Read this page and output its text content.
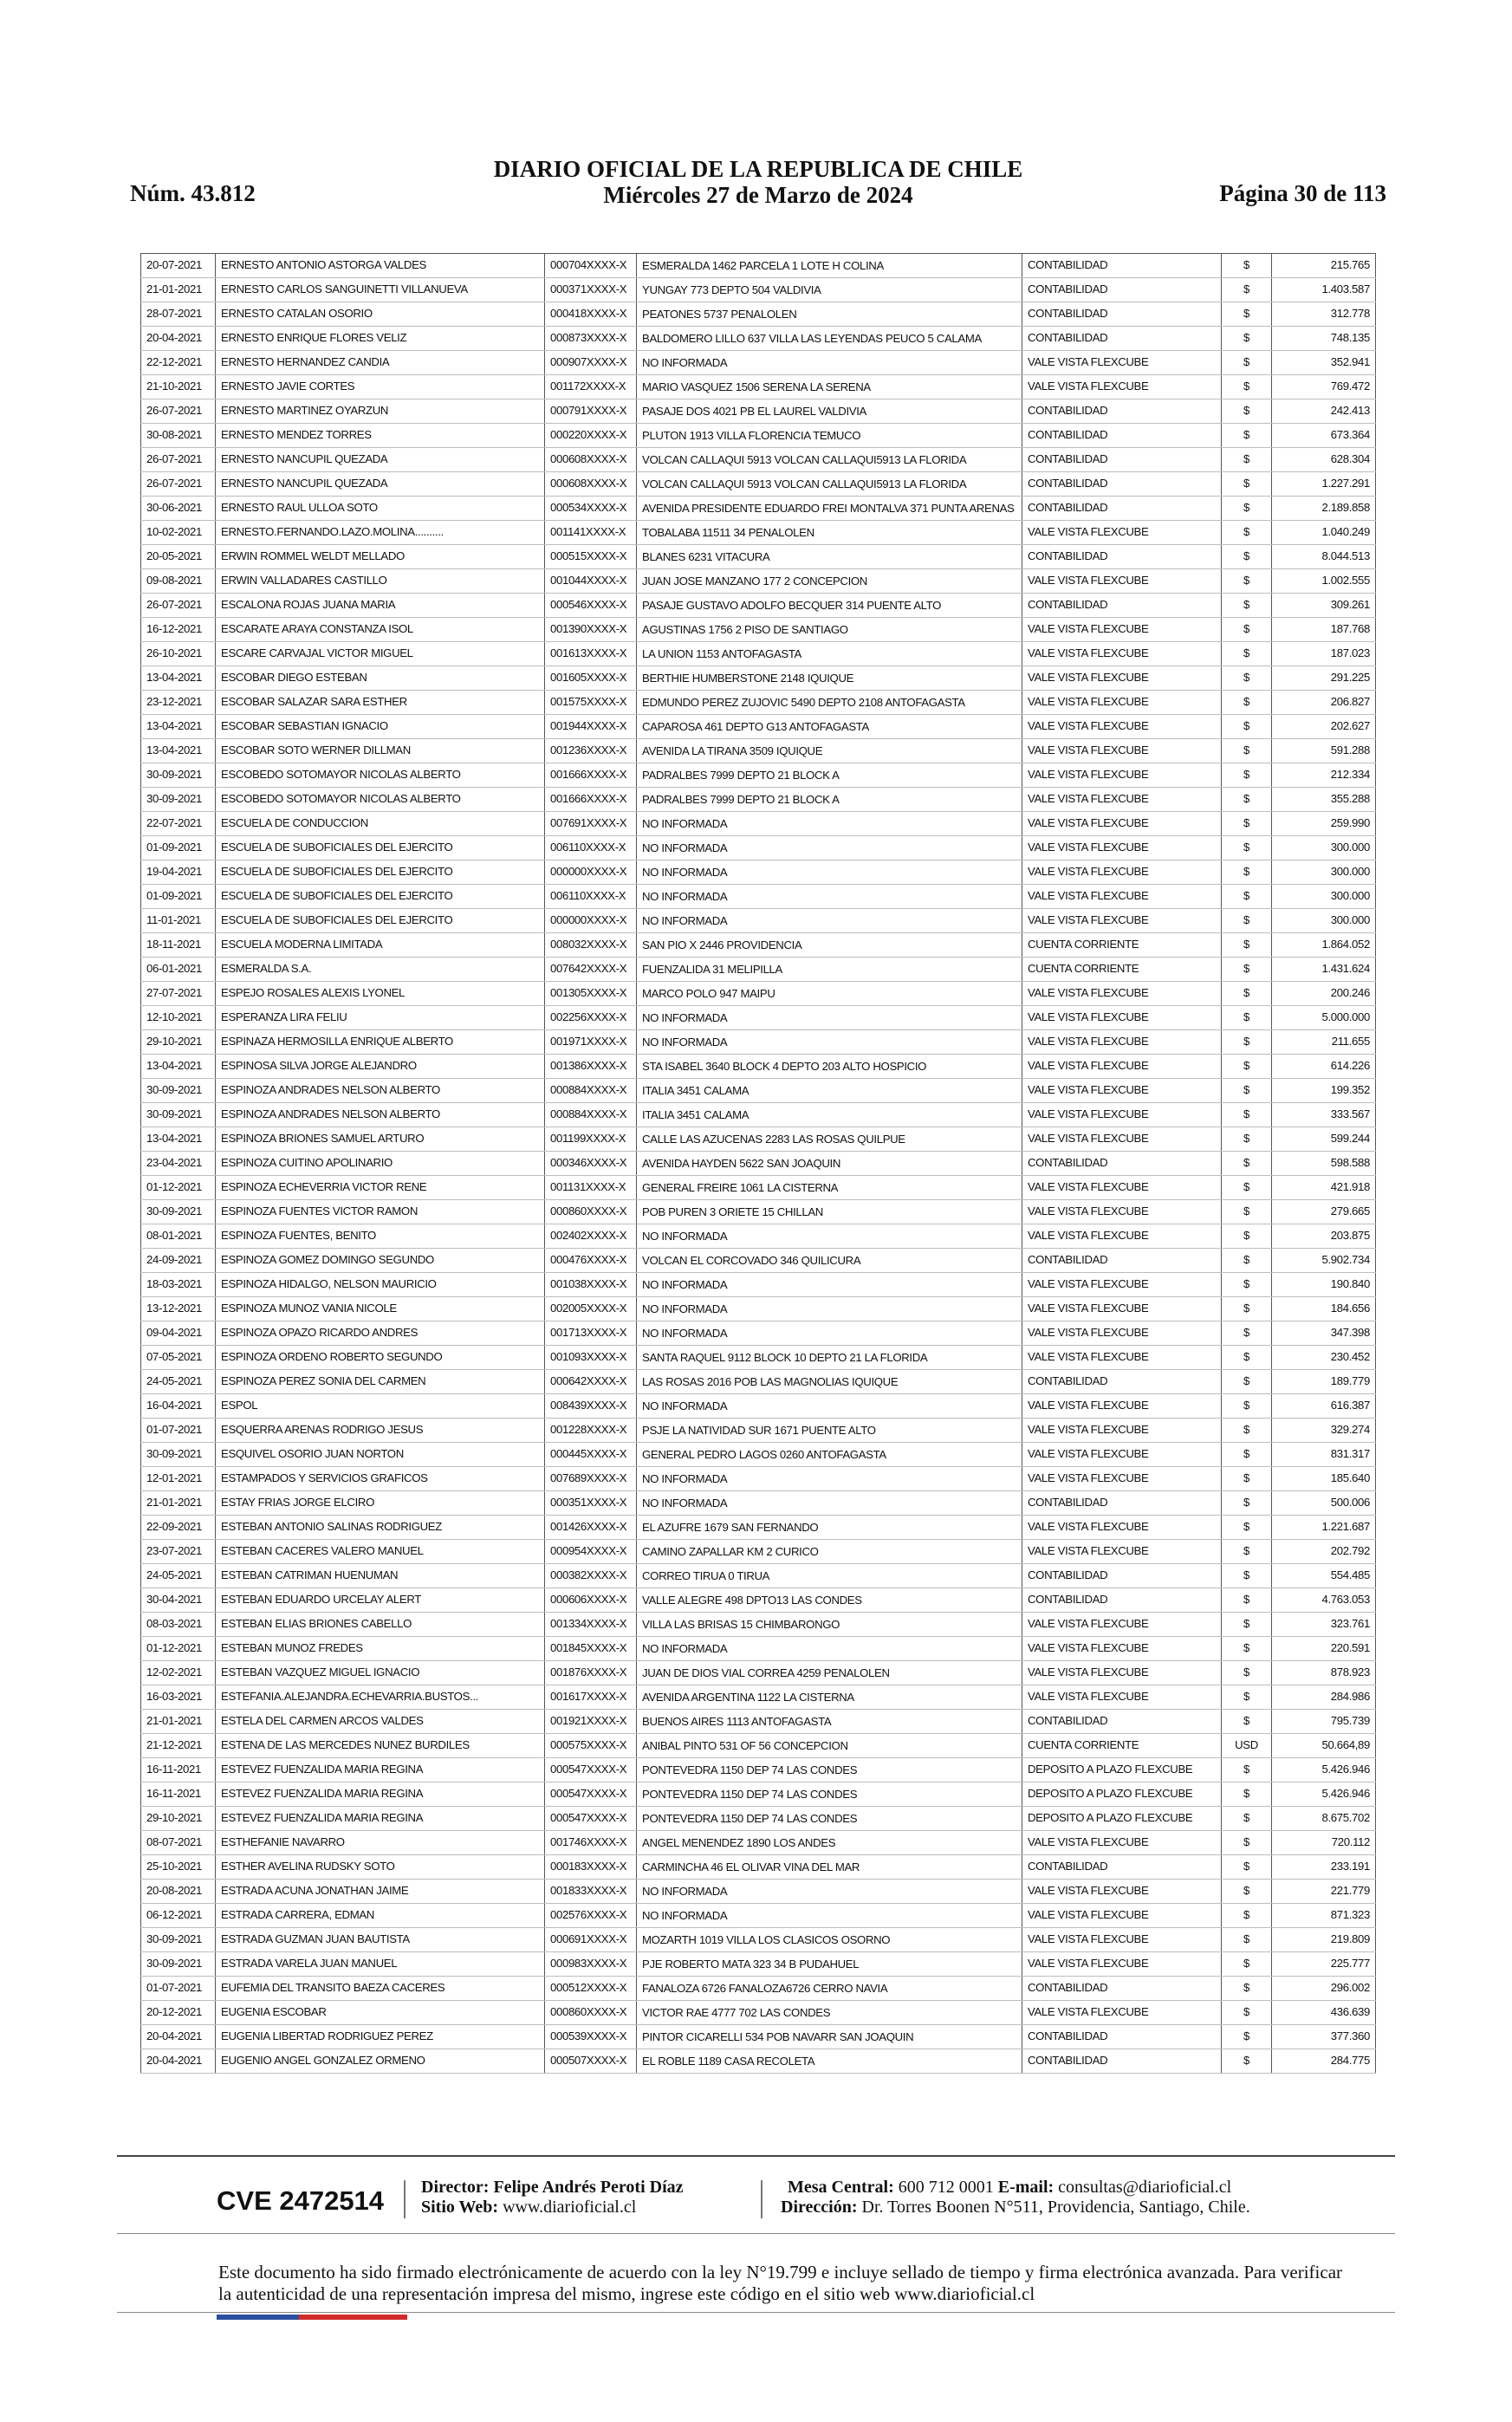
Núm. 43.812
DIARIO OFICIAL DE LA REPUBLICA DE CHILE
Miércoles 27 de Marzo de 2024	Página 30 de 113
20-07-2021	ERNESTO ANTONIO ASTORGA VALDES	000704XXXX-X	ESMERALDA 1462 PARCELA 1 LOTE H COLINA	CONTABILIDAD	$	215.765
21-01-2021	ERNESTO CARLOS SANGUINETTI VILLANUEVA	000371XXXX-X	YUNGAY 773 DEPTO 504 VALDIVIA	CONTABILIDAD	$	1.403.587
28-07-2021	ERNESTO CATALAN OSORIO	000418XXXX-X	PEATONES 5737 PENALOLEN	CONTABILIDAD	$	312.778
20-04-2021	ERNESTO ENRIQUE FLORES VELIZ	000873XXXX-X	BALDOMERO LILLO 637 VILLA LAS LEYENDAS PEUCO 5 CALAMA	CONTABILIDAD	$	748.135
22-12-2021	ERNESTO HERNANDEZ CANDIA	000907XXXX-X	NO INFORMADA	VALE VISTA FLEXCUBE	$	352.941
21-10-2021	ERNESTO JAVIE CORTES	001172XXXX-X	MARIO VASQUEZ 1506 SERENA LA SERENA	VALE VISTA FLEXCUBE	$	769.472
26-07-2021	ERNESTO MARTINEZ OYARZUN	000791XXXX-X	PASAJE DOS 4021 PB EL LAUREL VALDIVIA	CONTABILIDAD	$	242.413
30-08-2021	ERNESTO MENDEZ TORRES	000220XXXX-X	PLUTON 1913 VILLA FLORENCIA TEMUCO	CONTABILIDAD	$	673.364
26-07-2021	ERNESTO NANCUPIL QUEZADA	000608XXXX-X	VOLCAN CALLAQUI 5913 VOLCAN CALLAQUI5913 LA FLORIDA	CONTABILIDAD	$	628.304
26-07-2021	ERNESTO NANCUPIL QUEZADA	000608XXXX-X	VOLCAN CALLAQUI 5913 VOLCAN CALLAQUI5913 LA FLORIDA	CONTABILIDAD	$	1.227.291
30-06-2021	ERNESTO RAUL ULLOA SOTO	000534XXXX-X	AVENIDA PRESIDENTE EDUARDO FREI MONTALVA 371 PUNTA ARENAS	CONTABILIDAD	$	2.189.858
10-02-2021	ERNESTO.FERNANDO.LAZO.MOLINA..........	001141XXXX-X	TOBALABA 11511 34 PENALOLEN	VALE VISTA FLEXCUBE	$	1.040.249
20-05-2021	ERWIN ROMMEL WELDT MELLADO	000515XXXX-X	BLANES 6231 VITACURA	CONTABILIDAD	$	8.044.513
09-08-2021	ERWIN VALLADARES CASTILLO	001044XXXX-X	JUAN JOSE MANZANO 177 2 CONCEPCION	VALE VISTA FLEXCUBE	$	1.002.555
26-07-2021	ESCALONA ROJAS JUANA MARIA	000546XXXX-X	PASAJE GUSTAVO ADOLFO BECQUER 314 PUENTE ALTO	CONTABILIDAD	$	309.261
16-12-2021	ESCARATE ARAYA CONSTANZA ISOL	001390XXXX-X	AGUSTINAS 1756 2 PISO DE SANTIAGO	VALE VISTA FLEXCUBE	$	187.768
26-10-2021	ESCARE CARVAJAL VICTOR MIGUEL	001613XXXX-X	LA UNION 1153 ANTOFAGASTA	VALE VISTA FLEXCUBE	$	187.023
13-04-2021	ESCOBAR DIEGO ESTEBAN	001605XXXX-X	BERTHIE HUMBERSTONE 2148 IQUIQUE	VALE VISTA FLEXCUBE	$	291.225
23-12-2021	ESCOBAR SALAZAR SARA ESTHER	001575XXXX-X	EDMUNDO PEREZ ZUJOVIC 5490 DEPTO 2108 ANTOFAGASTA	VALE VISTA FLEXCUBE	$	206.827
13-04-2021	ESCOBAR SEBASTIAN IGNACIO	001944XXXX-X	CAPAROSA 461 DEPTO G13 ANTOFAGASTA	VALE VISTA FLEXCUBE	$	202.627
13-04-2021	ESCOBAR SOTO WERNER DILLMAN	001236XXXX-X	AVENIDA LA TIRANA 3509 IQUIQUE	VALE VISTA FLEXCUBE	$	591.288
30-09-2021	ESCOBEDO SOTOMAYOR NICOLAS ALBERTO	001666XXXX-X	PADRALBES 7999 DEPTO 21 BLOCK A	VALE VISTA FLEXCUBE	$	212.334
30-09-2021	ESCOBEDO SOTOMAYOR NICOLAS ALBERTO	001666XXXX-X	PADRALBES 7999 DEPTO 21 BLOCK A	VALE VISTA FLEXCUBE	$	355.288
22-07-2021	ESCUELA DE CONDUCCION	007691XXXX-X	NO INFORMADA	VALE VISTA FLEXCUBE	$	259.990
01-09-2021	ESCUELA DE SUBOFICIALES DEL EJERCITO	006110XXXX-X	NO INFORMADA	VALE VISTA FLEXCUBE	$	300.000
19-04-2021	ESCUELA DE SUBOFICIALES DEL EJERCITO	000000XXXX-X	NO INFORMADA	VALE VISTA FLEXCUBE	$	300.000
01-09-2021	ESCUELA DE SUBOFICIALES DEL EJERCITO	006110XXXX-X	NO INFORMADA	VALE VISTA FLEXCUBE	$	300.000
11-01-2021	ESCUELA DE SUBOFICIALES DEL EJERCITO	000000XXXX-X	NO INFORMADA	VALE VISTA FLEXCUBE	$	300.000
18-11-2021	ESCUELA MODERNA LIMITADA	008032XXXX-X	SAN PIO X 2446 PROVIDENCIA	CUENTA CORRIENTE	$	1.864.052
06-01-2021	ESMERALDA S.A.	007642XXXX-X	FUENZALIDA 31 MELIPILLA	CUENTA CORRIENTE	$	1.431.624
27-07-2021	ESPEJO ROSALES ALEXIS LYONEL	001305XXXX-X	MARCO POLO 947 MAIPU	VALE VISTA FLEXCUBE	$	200.246
12-10-2021	ESPERANZA LIRA FELIU	002256XXXX-X	NO INFORMADA	VALE VISTA FLEXCUBE	$	5.000.000
29-10-2021	ESPINAZA HERMOSILLA ENRIQUE ALBERTO	001971XXXX-X	NO INFORMADA	VALE VISTA FLEXCUBE	$	211.655
13-04-2021	ESPINOSA SILVA JORGE ALEJANDRO	001386XXXX-X	STA ISABEL 3640 BLOCK 4 DEPTO 203 ALTO HOSPICIO	VALE VISTA FLEXCUBE	$	614.226
30-09-2021	ESPINOZA ANDRADES NELSON ALBERTO	000884XXXX-X	ITALIA 3451 CALAMA	VALE VISTA FLEXCUBE	$	199.352
30-09-2021	ESPINOZA ANDRADES NELSON ALBERTO	000884XXXX-X	ITALIA 3451 CALAMA	VALE VISTA FLEXCUBE	$	333.567
13-04-2021	ESPINOZA BRIONES SAMUEL ARTURO	001199XXXX-X	CALLE LAS AZUCENAS 2283 LAS ROSAS QUILPUE	VALE VISTA FLEXCUBE	$	599.244
23-04-2021	ESPINOZA CUITINO APOLINARIO	000346XXXX-X	AVENIDA HAYDEN 5622 SAN JOAQUIN	CONTABILIDAD	$	598.588
01-12-2021	ESPINOZA ECHEVERRIA VICTOR RENE	001131XXXX-X	GENERAL FREIRE 1061 LA CISTERNA	VALE VISTA FLEXCUBE	$	421.918
30-09-2021	ESPINOZA FUENTES VICTOR RAMON	000860XXXX-X	POB PUREN 3 ORIETE 15 CHILLAN	VALE VISTA FLEXCUBE	$	279.665
08-01-2021	ESPINOZA FUENTES, BENITO	002402XXXX-X	NO INFORMADA	VALE VISTA FLEXCUBE	$	203.875
24-09-2021	ESPINOZA GOMEZ DOMINGO SEGUNDO	000476XXXX-X	VOLCAN EL CORCOVADO 346 QUILICURA	CONTABILIDAD	$	5.902.734
18-03-2021	ESPINOZA HIDALGO, NELSON MAURICIO	001038XXXX-X	NO INFORMADA	VALE VISTA FLEXCUBE	$	190.840
13-12-2021	ESPINOZA MUNOZ VANIA NICOLE	002005XXXX-X	NO INFORMADA	VALE VISTA FLEXCUBE	$	184.656
09-04-2021	ESPINOZA OPAZO RICARDO ANDRES	001713XXXX-X	NO INFORMADA	VALE VISTA FLEXCUBE	$	347.398
07-05-2021	ESPINOZA ORDENO ROBERTO SEGUNDO	001093XXXX-X	SANTA RAQUEL 9112 BLOCK 10 DEPTO 21 LA FLORIDA	VALE VISTA FLEXCUBE	$	230.452
24-05-2021	ESPINOZA PEREZ SONIA DEL CARMEN	000642XXXX-X	LAS ROSAS 2016 POB LAS MAGNOLIAS IQUIQUE	CONTABILIDAD	$	189.779
16-04-2021	ESPOL	008439XXXX-X	NO INFORMADA	VALE VISTA FLEXCUBE	$	616.387
01-07-2021	ESQUERRA ARENAS RODRIGO JESUS	001228XXXX-X	PSJE LA NATIVIDAD SUR 1671 PUENTE ALTO	VALE VISTA FLEXCUBE	$	329.274
30-09-2021	ESQUIVEL OSORIO JUAN NORTON	000445XXXX-X	GENERAL PEDRO LAGOS 0260 ANTOFAGASTA	VALE VISTA FLEXCUBE	$	831.317
12-01-2021	ESTAMPADOS Y SERVICIOS GRAFICOS	007689XXXX-X	NO INFORMADA	VALE VISTA FLEXCUBE	$	185.640
21-01-2021	ESTAY FRIAS JORGE ELCIRO	000351XXXX-X	NO INFORMADA	CONTABILIDAD	$	500.006
22-09-2021	ESTEBAN ANTONIO SALINAS RODRIGUEZ	001426XXXX-X	EL AZUFRE 1679 SAN FERNANDO	VALE VISTA FLEXCUBE	$	1.221.687
23-07-2021	ESTEBAN CACERES VALERO MANUEL	000954XXXX-X	CAMINO ZAPALLAR KM 2 CURICO	VALE VISTA FLEXCUBE	$	202.792
24-05-2021	ESTEBAN CATRIMAN HUENUMAN	000382XXXX-X	CORREO TIRUA 0 TIRUA	CONTABILIDAD	$	554.485
30-04-2021	ESTEBAN EDUARDO URCELAY ALERT	000606XXXX-X	VALLE ALEGRE 498 DPTO13 LAS CONDES	CONTABILIDAD	$	4.763.053
08-03-2021	ESTEBAN ELIAS BRIONES CABELLO	001334XXXX-X	VILLA LAS BRISAS 15 CHIMBARONGO	VALE VISTA FLEXCUBE	$	323.761
01-12-2021	ESTEBAN MUNOZ FREDES	001845XXXX-X	NO INFORMADA	VALE VISTA FLEXCUBE	$	220.591
12-02-2021	ESTEBAN VAZQUEZ MIGUEL IGNACIO	001876XXXX-X	JUAN DE DIOS VIAL CORREA 4259 PENALOLEN	VALE VISTA FLEXCUBE	$	878.923
16-03-2021	ESTEFANIA.ALEJANDRA.ECHEVARRIA.BUSTOS...	001617XXXX-X	AVENIDA ARGENTINA 1122 LA CISTERNA	VALE VISTA FLEXCUBE	$	284.986
21-01-2021	ESTELA DEL CARMEN ARCOS VALDES	001921XXXX-X	BUENOS AIRES 1113 ANTOFAGASTA	CONTABILIDAD	$	795.739
21-12-2021	ESTENA DE LAS MERCEDES NUNEZ BURDILES	000575XXXX-X	ANIBAL PINTO 531 OF 56 CONCEPCION	CUENTA CORRIENTE	USD	50.664,89
16-11-2021	ESTEVEZ FUENZALIDA MARIA REGINA	000547XXXX-X	PONTEVEDRA 1150 DEP 74 LAS CONDES	DEPOSITO A PLAZO FLEXCUBE	$	5.426.946
16-11-2021	ESTEVEZ FUENZALIDA MARIA REGINA	000547XXXX-X	PONTEVEDRA 1150 DEP 74 LAS CONDES	DEPOSITO A PLAZO FLEXCUBE	$	5.426.946
29-10-2021	ESTEVEZ FUENZALIDA MARIA REGINA	000547XXXX-X	PONTEVEDRA 1150 DEP 74 LAS CONDES	DEPOSITO A PLAZO FLEXCUBE	$	8.675.702
08-07-2021	ESTHEFANIE NAVARRO	001746XXXX-X	ANGEL MENENDEZ 1890 LOS ANDES	VALE VISTA FLEXCUBE	$	720.112
25-10-2021	ESTHER AVELINA RUDSKY SOTO	000183XXXX-X	CARMINCHA 46 EL OLIVAR VINA DEL MAR	CONTABILIDAD	$	233.191
20-08-2021	ESTRADA ACUNA JONATHAN JAIME	001833XXXX-X	NO INFORMADA	VALE VISTA FLEXCUBE	$	221.779
06-12-2021	ESTRADA CARRERA, EDMAN	002576XXXX-X	NO INFORMADA	VALE VISTA FLEXCUBE	$	871.323
30-09-2021	ESTRADA GUZMAN JUAN BAUTISTA	000691XXXX-X	MOZARTH 1019 VILLA LOS CLASICOS OSORNO	VALE VISTA FLEXCUBE	$	219.809
30-09-2021	ESTRADA VARELA JUAN MANUEL	000983XXXX-X	PJE ROBERTO MATA 323 34 B PUDAHUEL	VALE VISTA FLEXCUBE	$	225.777
01-07-2021	EUFEMIA DEL TRANSITO BAEZA CACERES	000512XXXX-X	FANALOZA 6726 FANALOZA6726 CERRO NAVIA	CONTABILIDAD	$	296.002
20-12-2021	EUGENIA ESCOBAR	000860XXXX-X	VICTOR RAE 4777 702 LAS CONDES	VALE VISTA FLEXCUBE	$	436.639
20-04-2021	EUGENIA LIBERTAD RODRIGUEZ PEREZ	000539XXXX-X	PINTOR CICARELLI 534 POB NAVARR SAN JOAQUIN	CONTABILIDAD	$	377.360
20-04-2021	EUGENIO ANGEL GONZALEZ ORMENO	000507XXXX-X	EL ROBLE 1189 CASA RECOLETA	CONTABILIDAD	$	284.775
CVE 2472514 Director: Felipe Andrés Peroti Díaz
Sitio Web: www.diarioficial.cl
Mesa Central: 600 712 0001 E-mail: consultas@diarioficial.cl
Dirección: Dr. Torres Boonen N°511, Providencia, Santiago, Chile.
Este documento ha sido firmado electrónicamente de acuerdo con la ley N°19.799 e incluye sellado de tiempo y firma electrónica avanzada. Para verificar la autenticidad de una representación impresa del mismo, ingrese este código en el sitio web www.diarioficial.cl
